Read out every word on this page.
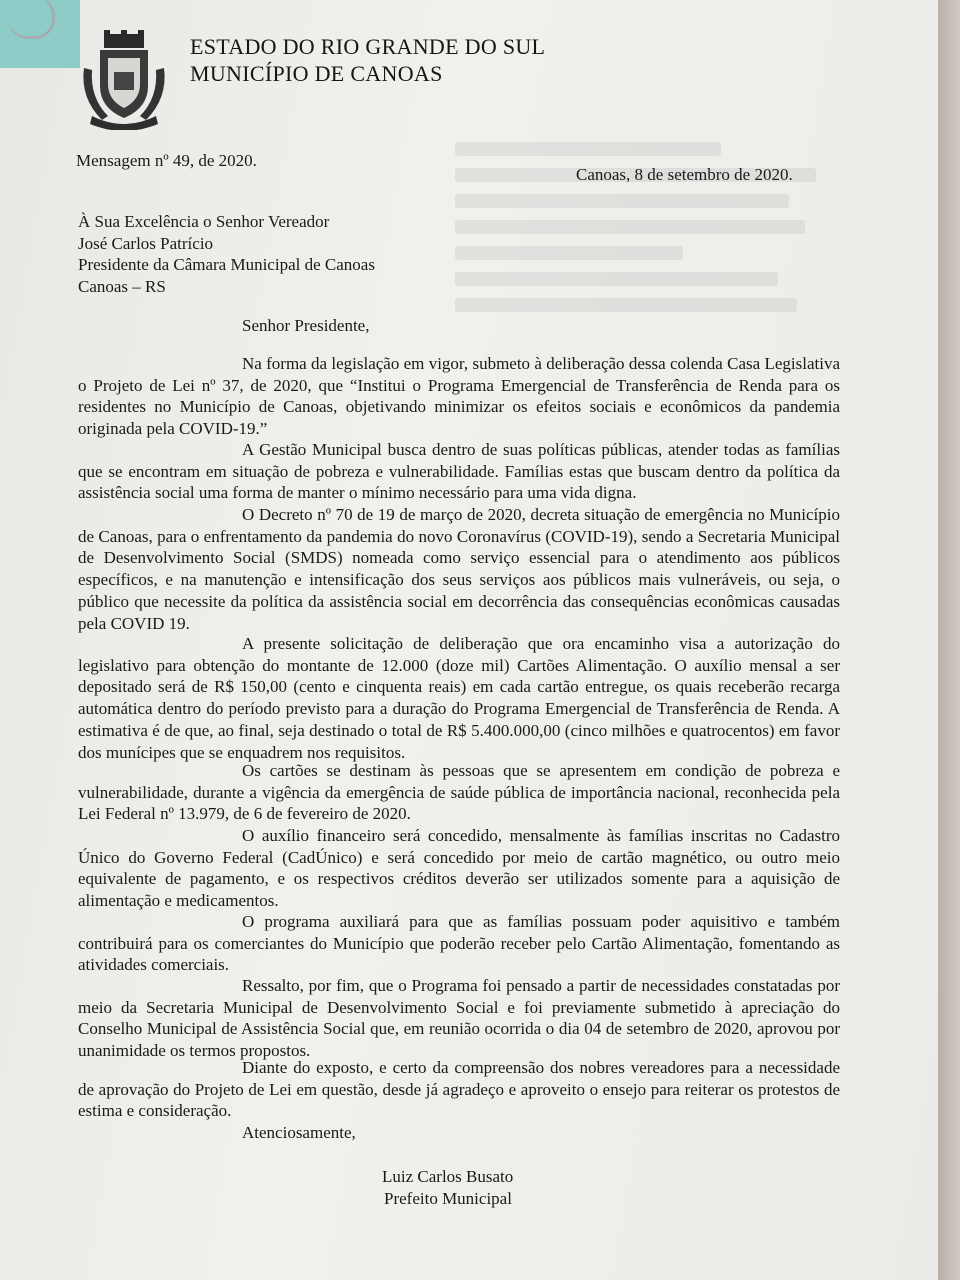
ESTADO DO RIO GRANDE DO SUL
MUNICÍPIO DE CANOAS
Mensagem nº 49, de 2020.
Canoas, 8 de setembro de 2020.
À Sua Excelência o Senhor Vereador
José Carlos Patrício
Presidente da Câmara Municipal de Canoas
Canoas – RS
Senhor Presidente,
Na forma da legislação em vigor, submeto à deliberação dessa colenda Casa Legislativa o Projeto de Lei nº 37, de 2020, que “Institui o Programa Emergencial de Transferência de Renda para os residentes no Município de Canoas, objetivando minimizar os efeitos sociais e econômicos da pandemia originada pela COVID-19.”
A Gestão Municipal busca dentro de suas políticas públicas, atender todas as famílias que se encontram em situação de pobreza e vulnerabilidade. Famílias estas que buscam dentro da política da assistência social uma forma de manter o mínimo necessário para uma vida digna.
O Decreto nº 70 de 19 de março de 2020, decreta situação de emergência no Município de Canoas, para o enfrentamento da pandemia do novo Coronavírus (COVID-19), sendo a Secretaria Municipal de Desenvolvimento Social (SMDS) nomeada como serviço essencial para o atendimento aos públicos específicos, e na manutenção e intensificação dos seus serviços aos públicos mais vulneráveis, ou seja, o público que necessite da política da assistência social em decorrência das consequências econômicas causadas pela COVID 19.
A presente solicitação de deliberação que ora encaminho visa a autorização do legislativo para obtenção do montante de 12.000 (doze mil) Cartões Alimentação. O auxílio mensal a ser depositado será de R$ 150,00 (cento e cinquenta reais) em cada cartão entregue, os quais receberão recarga automática dentro do período previsto para a duração do Programa Emergencial de Transferência de Renda. A estimativa é de que, ao final, seja destinado o total de R$ 5.400.000,00 (cinco milhões e quatrocentos) em favor dos munícipes que se enquadrem nos requisitos.
Os cartões se destinam às pessoas que se apresentem em condição de pobreza e vulnerabilidade, durante a vigência da emergência de saúde pública de importância nacional, reconhecida pela Lei Federal nº 13.979, de 6 de fevereiro de 2020.
O auxílio financeiro será concedido, mensalmente às famílias inscritas no Cadastro Único do Governo Federal (CadÚnico) e será concedido por meio de cartão magnético, ou outro meio equivalente de pagamento, e os respectivos créditos deverão ser utilizados somente para a aquisição de alimentação e medicamentos.
O programa auxiliará para que as famílias possuam poder aquisitivo e também contribuirá para os comerciantes do Município que poderão receber pelo Cartão Alimentação, fomentando as atividades comerciais.
Ressalto, por fim, que o Programa foi pensado a partir de necessidades constatadas por meio da Secretaria Municipal de Desenvolvimento Social e foi previamente submetido à apreciação do Conselho Municipal de Assistência Social que, em reunião ocorrida o dia 04 de setembro de 2020, aprovou por unanimidade os termos propostos.
Diante do exposto, e certo da compreensão dos nobres vereadores para a necessidade de aprovação do Projeto de Lei em questão, desde já agradeço e aproveito o ensejo para reiterar os protestos de estima e consideração.
Atenciosamente,
Luiz Carlos Busato
Prefeito Municipal
